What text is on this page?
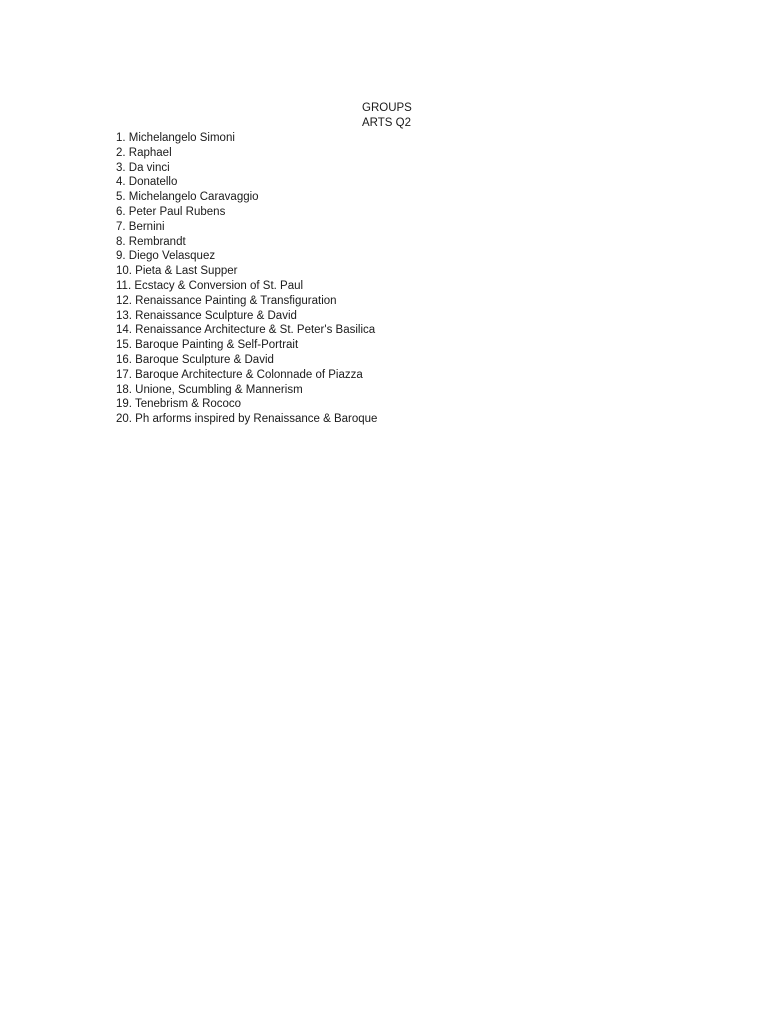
GROUPS
ARTS Q2
1. Michelangelo Simoni
2. Raphael
3. Da vinci
4. Donatello
5. Michelangelo Caravaggio
6. Peter Paul Rubens
7. Bernini
8. Rembrandt
9. Diego Velasquez
10. Pieta & Last Supper
11. Ecstacy & Conversion of St. Paul
12. Renaissance Painting & Transfiguration
13. Renaissance Sculpture & David
14. Renaissance Architecture & St. Peter's Basilica
15. Baroque Painting & Self-Portrait
16. Baroque Sculpture & David
17. Baroque Architecture & Colonnade of Piazza
18. Unione, Scumbling & Mannerism
19. Tenebrism & Rococo
20. Ph arforms inspired by Renaissance & Baroque
